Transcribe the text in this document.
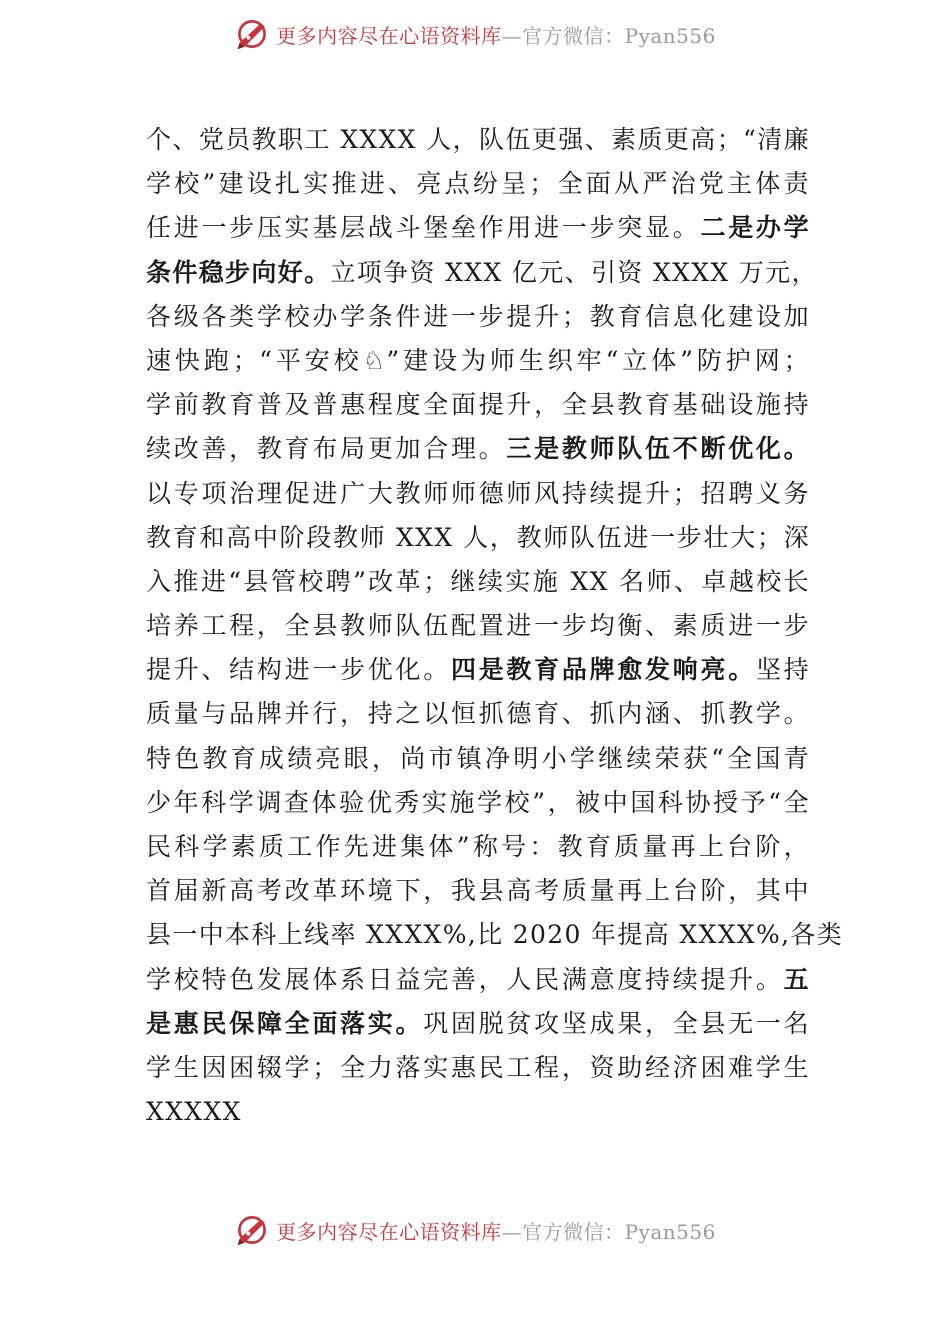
更多内容尽在心语资料库—官方微信：Pyan556
个、党员教职工 XXXX 人，队伍更强、素质更高；“清廉
学校”建设扎实推进、亮点纷呈；全面从严治党主体责
任进一步压实基层战斗堡垒作用进一步突显。二是办学
条件稳步向好。立项争资 XXX 亿元、引资 XXXX 万元，
各级各类学校办学条件进一步提升；教育信息化建设加
速快跑；“平安校♘”建设为师生织牢“立体”防护网；
学前教育普及普惠程度全面提升，全县教育基础设施持
续改善，教育布局更加合理。三是教师队伍不断优化。
以专项治理促进广大教师师德师风持续提升；招聘义务
教育和高中阶段教师 XXX 人，教师队伍进一步壮大；深
入推进“县管校聘”改革；继续实施 XX 名师、卓越校长
培养工程，全县教师队伍配置进一步均衡、素质进一步
提升、结构进一步优化。四是教育品牌愈发响亮。坚持
质量与品牌并行，持之以恒抓德育、抓内涵、抓教学。
特色教育成绩亮眼，尚市镇净明小学继续荣获“全国青
少年科学调查体验优秀实施学校”，被中国科协授予“全
民科学素质工作先进集体”称号：教育质量再上台阶，
首届新高考改革环境下，我县高考质量再上台阶，其中
县一中本科上线率 XXXX%,比 2020 年提高 XXXX%,各类
学校特色发展体系日益完善，人民满意度持续提升。五
是惠民保障全面落实。巩固脱贫攻坚成果，全县无一名
学生因困辍学；全力落实惠民工程，资助经济困难学生
XXXXX
更多内容尽在心语资料库—官方微信：Pyan556
